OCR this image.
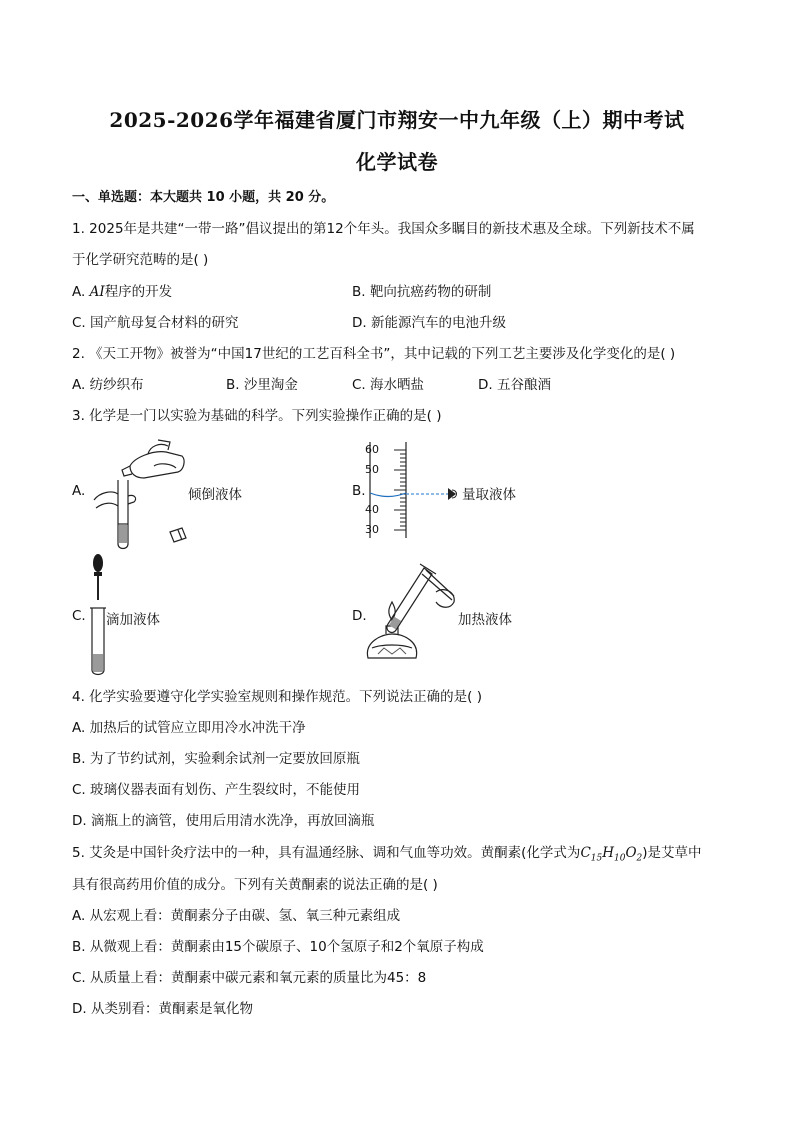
2025-2026学年福建省厦门市翔安一中九年级（上）期中考试
化学试卷
一、单选题：本大题共 10 小题，共 20 分。
1. 2025年是共建“一带一路”倡议提出的第12个年头。我国众多瞩目的新技术惠及全球。下列新技术不属
于化学研究范畴的是( )
A. AI程序的开发	B. 靶向抗癌药物的研制
C. 国产航母复合材料的研究	D. 新能源汽车的电池升级
2. 《天工开物》被誉为“中国17世纪的工艺百科全书”，其中记载的下列工艺主要涉及化学变化的是( )
A. 纺纱织布	B. 沙里淘金	C. 海水晒盐	D. 五谷酿酒
3. 化学是一门以实验为基础的科学。下列实验操作正确的是( )
A.	倾倒液体	B.
60
50
40
30
量取液体
C. 滴加液体	D.	加热液体
4. 化学实验要遵守化学实验室规则和操作规范。下列说法正确的是( )
A. 加热后的试管应立即用冷水冲洗干净
B. 为了节约试剂，实验剩余试剂一定要放回原瓶
C. 玻璃仪器表面有划伤、产生裂纹时，不能使用
D. 滴瓶上的滴管，使用后用清水洗净，再放回滴瓶
5. 艾灸是中国针灸疗法中的一种，具有温通经脉、调和气血等功效。黄酮素(化学式为$C_{15}H_{10}O_2$)是艾草中
具有很高药用价值的成分。下列有关黄酮素的说法正确的是( )
A. 从宏观上看：黄酮素分子由碳、氢、氧三种元素组成
B. 从微观上看：黄酮素由15个碳原子、10个氢原子和2个氧原子构成
C. 从质量上看：黄酮素中碳元素和氧元素的质量比为45：8
D. 从类别看：黄酮素是氧化物
